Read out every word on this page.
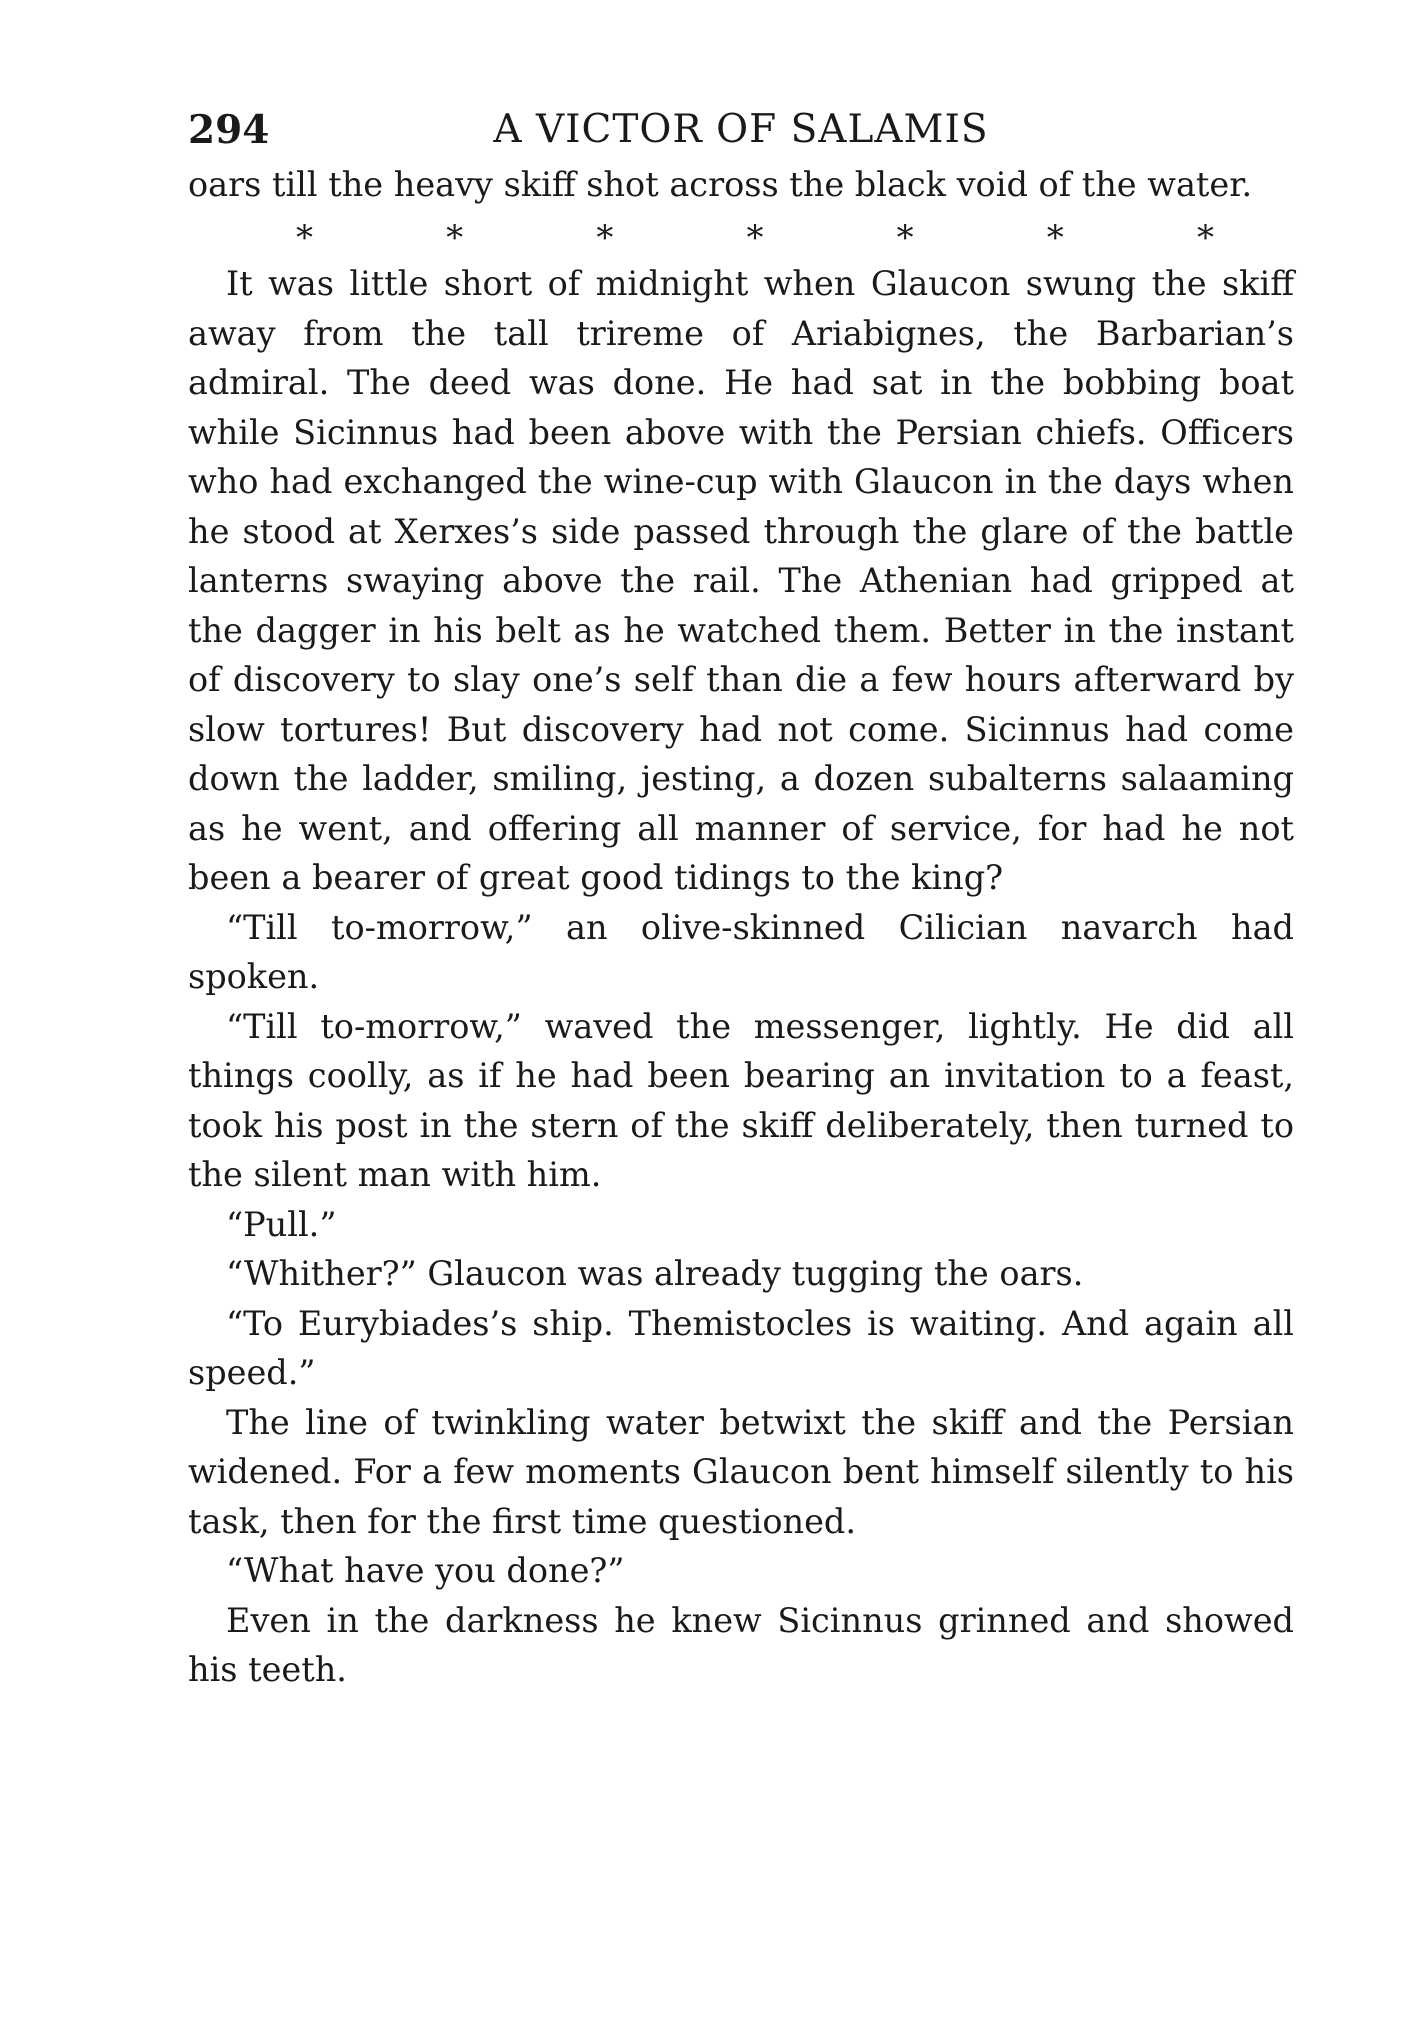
294	A VICTOR OF SALAMIS

oars till the heavy skiff shot across the black void of the water.

*	*	*	*	*	*	*

It was little short of midnight when Glaucon swung the skiff away from the tall trireme of Ariabignes, the Barbarian’s admiral. The deed was done. He had sat in the bobbing boat while Sicinnus had been above with the Persian chiefs. Officers who had exchanged the wine-cup with Glaucon in the days when he stood at Xerxes’s side passed through the glare of the battle lanterns swaying above the rail. The Athenian had gripped at the dagger in his belt as he watched them. Better in the instant of discovery to slay one’s self than die a few hours afterward by slow tortures! But discovery had not come. Sicinnus had come down the ladder, smiling, jesting, a dozen subalterns salaaming as he went, and offering all manner of service, for had he not been a bearer of great good tidings to the king?

“Till to-morrow,” an olive-skinned Cilician navarch had spoken.

“Till to-morrow,” waved the messenger, lightly. He did all things coolly, as if he had been bearing an invitation to a feast, took his post in the stern of the skiff deliberately, then turned to the silent man with him.

“Pull.”

“Whither?” Glaucon was already tugging the oars.

“To Eurybiades’s ship. Themistocles is waiting. And again all speed.”

The line of twinkling water betwixt the skiff and the Persian widened. For a few moments Glaucon bent himself silently to his task, then for the first time questioned.

“What have you done?”

Even in the darkness he knew Sicinnus grinned and showed his teeth.
